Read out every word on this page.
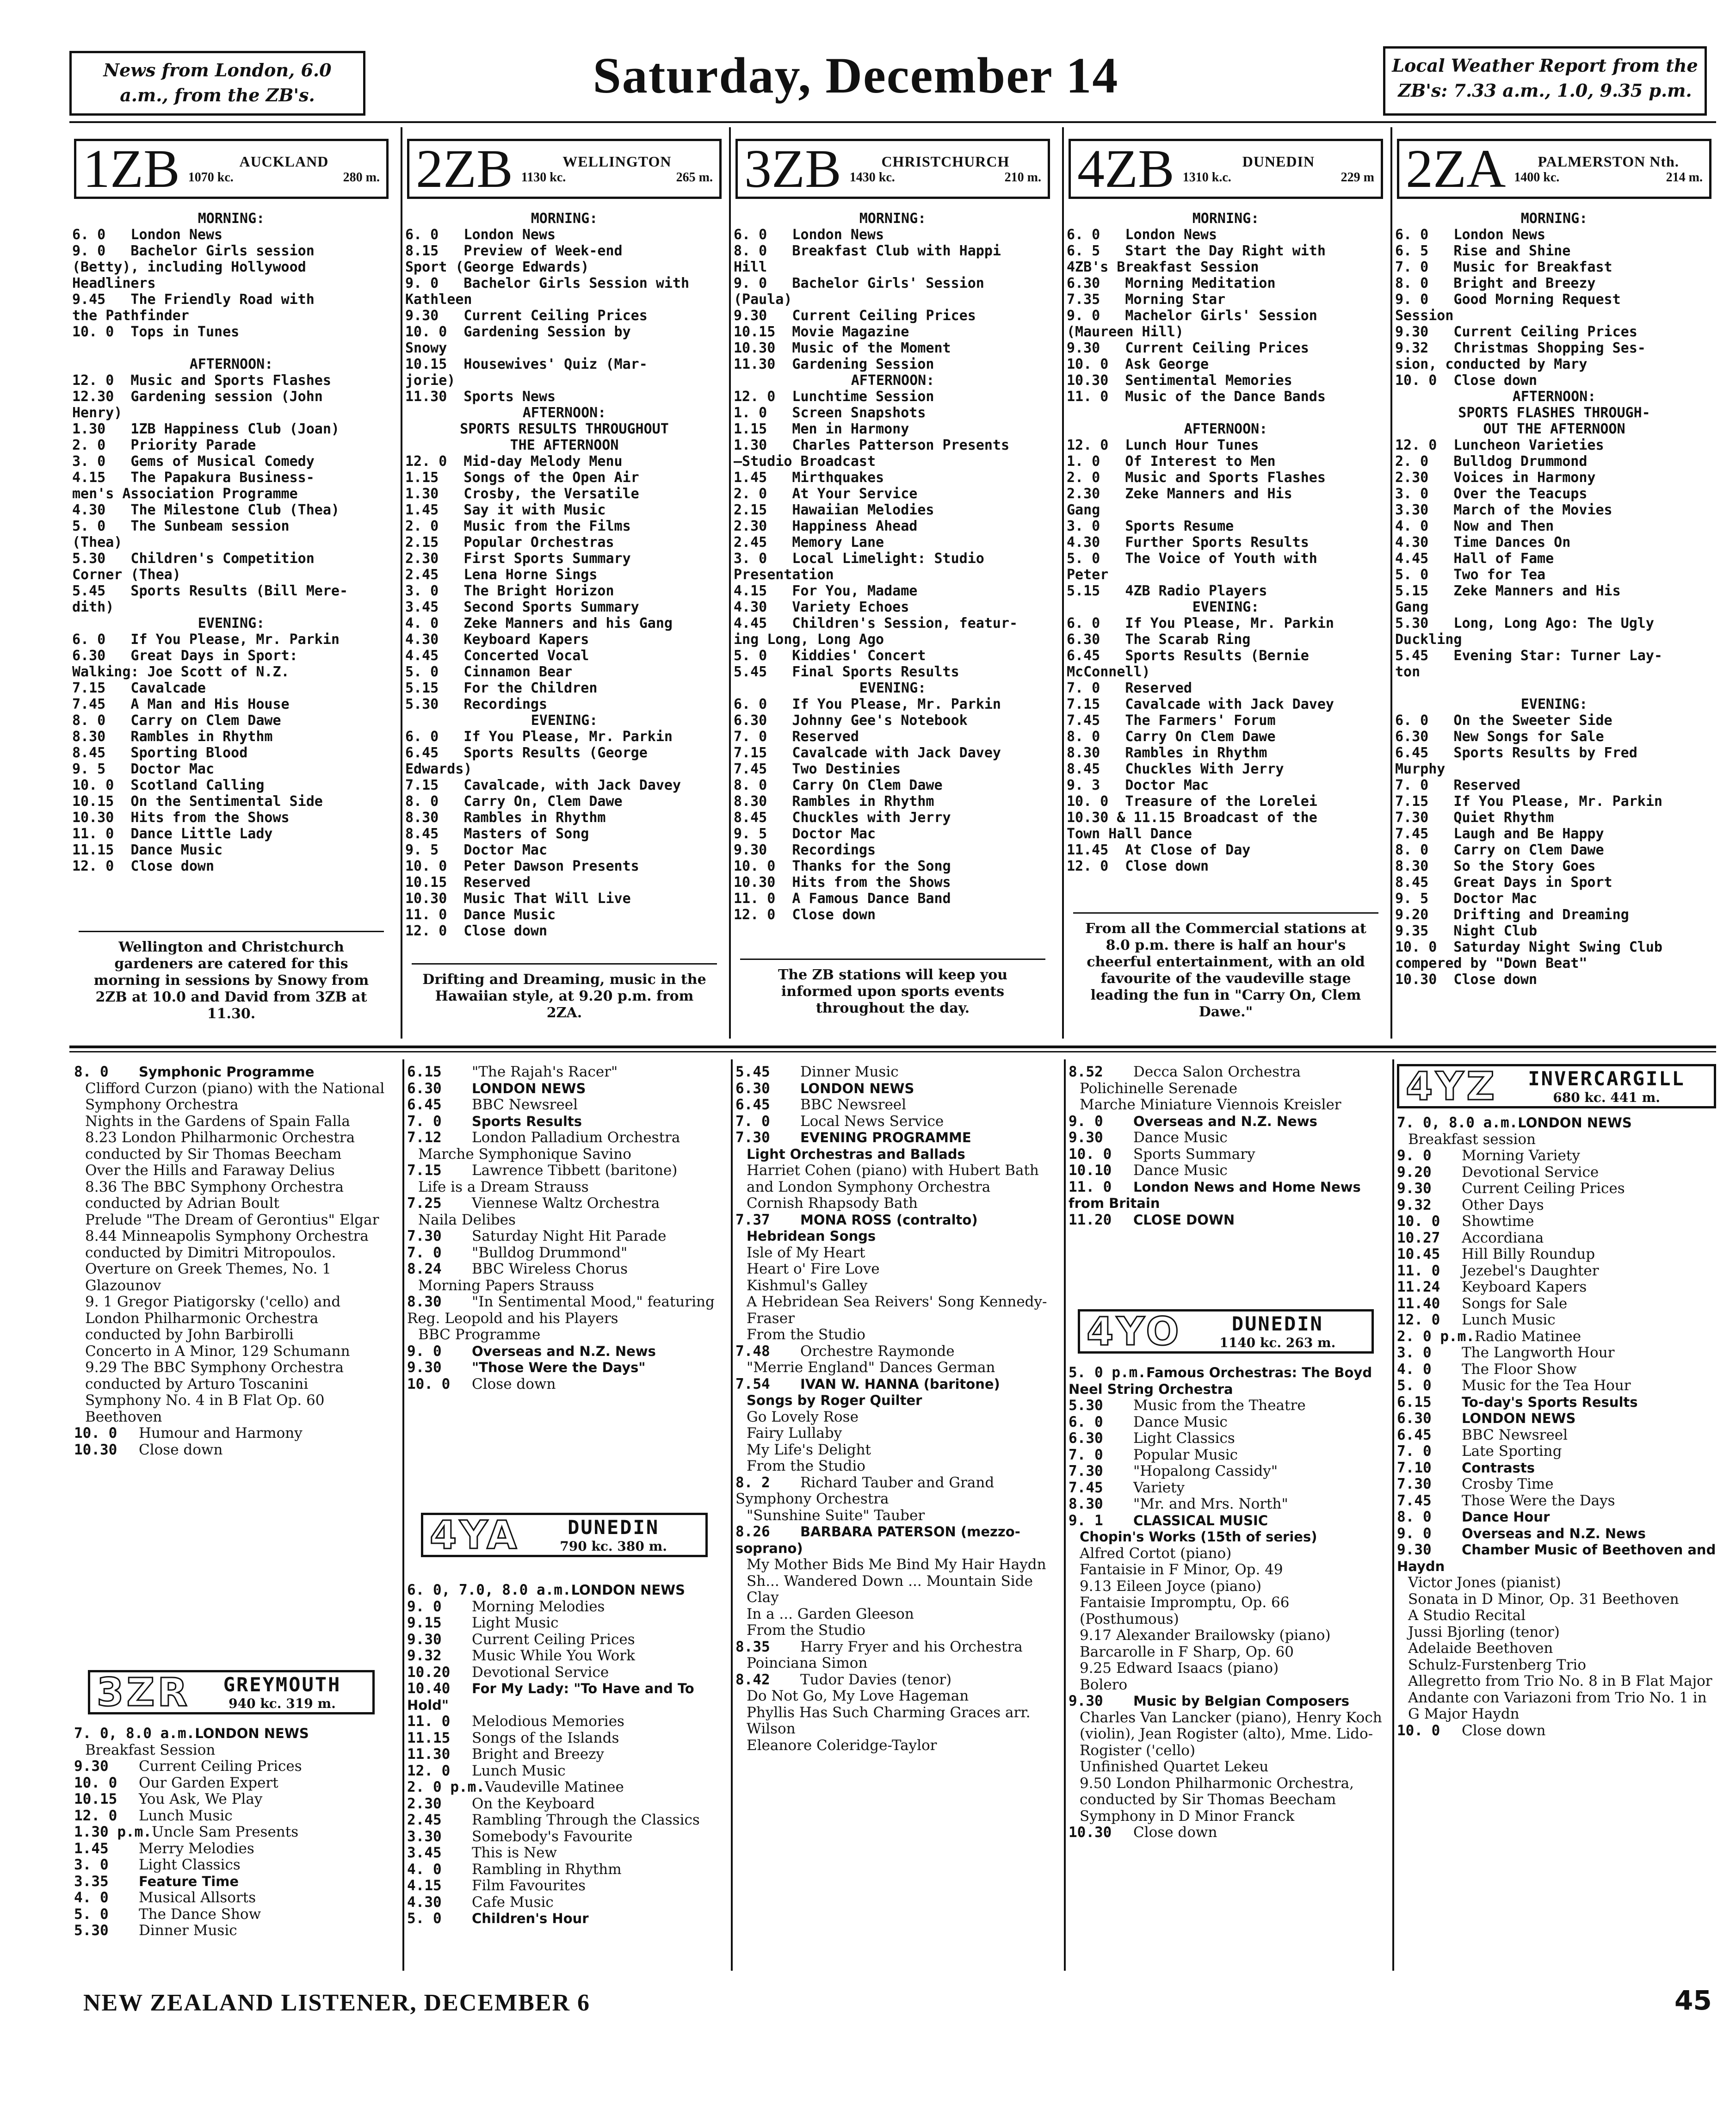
News from London, 6.0 a.m., from the ZB's.	Saturday, December 14	Local Weather Report from the ZB's: 7.33 a.m., 1.0, 9.35 p.m.
1ZB	AUCKLAND
1070 kc.	280 m.
MORNING:
6. 0   London News
9. 0   Bachelor Girls session
(Betty), including Hollywood
Headliners
9.45   The Friendly Road with
the Pathfinder
10. 0  Tops in Tunes

AFTERNOON:
12. 0  Music and Sports Flashes
12.30  Gardening session (John
Henry)
1.30   1ZB Happiness Club (Joan)
2. 0   Priority Parade
3. 0   Gems of Musical Comedy
4.15   The Papakura Business-
men's Association Programme
4.30   The Milestone Club (Thea)
5. 0   The Sunbeam session
(Thea)
5.30   Children's Competition
Corner (Thea)
5.45   Sports Results (Bill Mere-
dith)
EVENING:
6. 0   If You Please, Mr. Parkin
6.30   Great Days in Sport:
Walking: Joe Scott of N.Z.
7.15   Cavalcade
7.45   A Man and His House
8. 0   Carry on Clem Dawe
8.30   Rambles in Rhythm
8.45   Sporting Blood
9. 5   Doctor Mac
10. 0  Scotland Calling
10.15  On the Sentimental Side
10.30  Hits from the Shows
11. 0  Dance Little Lady
11.15  Dance Music
12. 0  Close down
Wellington and Christchurch gardeners are catered for this morning in sessions by Snowy from 2ZB at 10.0 and David from 3ZB at 11.30.
2ZB	WELLINGTON
1130 kc.	265 m.
MORNING:
6. 0   London News
8.15   Preview of Week-end
Sport (George Edwards)
9. 0   Bachelor Girls Session with
Kathleen
9.30   Current Ceiling Prices
10. 0  Gardening Session by
Snowy
10.15  Housewives' Quiz (Mar-
jorie)
11.30  Sports News
AFTERNOON:
SPORTS RESULTS THROUGHOUT
THE AFTERNOON
12. 0  Mid-day Melody Menu
1.15   Songs of the Open Air
1.30   Crosby, the Versatile
1.45   Say it with Music
2. 0   Music from the Films
2.15   Popular Orchestras
2.30   First Sports Summary
2.45   Lena Horne Sings
3. 0   The Bright Horizon
3.45   Second Sports Summary
4. 0   Zeke Manners and his Gang
4.30   Keyboard Kapers
4.45   Concerted Vocal
5. 0   Cinnamon Bear
5.15   For the Children
5.30   Recordings
EVENING:
6. 0   If You Please, Mr. Parkin
6.45   Sports Results (George
Edwards)
7.15   Cavalcade, with Jack Davey
8. 0   Carry On, Clem Dawe
8.30   Rambles in Rhythm
8.45   Masters of Song
9. 5   Doctor Mac
10. 0  Peter Dawson Presents
10.15  Reserved
10.30  Music That Will Live
11. 0  Dance Music
12. 0  Close down
Drifting and Dreaming, music in the Hawaiian style, at 9.20 p.m. from 2ZA.
3ZB	CHRISTCHURCH
1430 kc.	210 m.
MORNING:
6. 0   London News
8. 0   Breakfast Club with Happi
Hill
9. 0   Bachelor Girls' Session
(Paula)
9.30   Current Ceiling Prices
10.15  Movie Magazine
10.30  Music of the Moment
11.30  Gardening Session
AFTERNOON:
12. 0  Lunchtime Session
1. 0   Screen Snapshots
1.15   Men in Harmony
1.30   Charles Patterson Presents
—Studio Broadcast
1.45   Mirthquakes
2. 0   At Your Service
2.15   Hawaiian Melodies
2.30   Happiness Ahead
2.45   Memory Lane
3. 0   Local Limelight: Studio
Presentation
4.15   For You, Madame
4.30   Variety Echoes
4.45   Children's Session, featur-
ing Long, Long Ago
5. 0   Kiddies' Concert
5.45   Final Sports Results
EVENING:
6. 0   If You Please, Mr. Parkin
6.30   Johnny Gee's Notebook
7. 0   Reserved
7.15   Cavalcade with Jack Davey
7.45   Two Destinies
8. 0   Carry On Clem Dawe
8.30   Rambles in Rhythm
8.45   Chuckles with Jerry
9. 5   Doctor Mac
9.30   Recordings
10. 0  Thanks for the Song
10.30  Hits from the Shows
11. 0  A Famous Dance Band
12. 0  Close down
The ZB stations will keep you informed upon sports events throughout the day.
4ZB	DUNEDIN
1310 k.c.	229 m
MORNING:
6. 0   London News
6. 5   Start the Day Right with
4ZB's Breakfast Session
6.30   Morning Meditation
7.35   Morning Star
9. 0   Machelor Girls' Session
(Maureen Hill)
9.30   Current Ceiling Prices
10. 0  Ask George
10.30  Sentimental Memories
11. 0  Music of the Dance Bands

AFTERNOON:
12. 0  Lunch Hour Tunes
1. 0   Of Interest to Men
2. 0   Music and Sports Flashes
2.30   Zeke Manners and His
Gang
3. 0   Sports Resume
4.30   Further Sports Results
5. 0   The Voice of Youth with
Peter
5.15   4ZB Radio Players
EVENING:
6. 0   If You Please, Mr. Parkin
6.30   The Scarab Ring
6.45   Sports Results (Bernie
McConnell)
7. 0   Reserved
7.15   Cavalcade with Jack Davey
7.45   The Farmers' Forum
8. 0   Carry On Clem Dawe
8.30   Rambles in Rhythm
8.45   Chuckles With Jerry
9. 3   Doctor Mac
10. 0  Treasure of the Lorelei
10.30 & 11.15 Broadcast of the
Town Hall Dance
11.45  At Close of Day
12. 0  Close down
From all the Commercial stations at 8.0 p.m. there is half an hour's cheerful entertainment, with an old favourite of the vaudeville stage leading the fun in "Carry On, Clem Dawe."
2ZA	PALMERSTON Nth.
1400 kc.	214 m.
MORNING:
6. 0   London News
6. 5   Rise and Shine
7. 0   Music for Breakfast
8. 0   Bright and Breezy
9. 0   Good Morning Request
Session
9.30   Current Ceiling Prices
9.32   Christmas Shopping Ses-
sion, conducted by Mary
10. 0  Close down
AFTERNOON:
SPORTS FLASHES THROUGH-
OUT THE AFTERNOON
12. 0  Luncheon Varieties
2. 0   Bulldog Drummond
2.30   Voices in Harmony
3. 0   Over the Teacups
3.30   March of the Movies
4. 0   Now and Then
4.30   Time Dances On
4.45   Hall of Fame
5. 0   Two for Tea
5.15   Zeke Manners and His
Gang
5.30   Long, Long Ago: The Ugly
Duckling
5.45   Evening Star: Turner Lay-
ton

EVENING:
6. 0   On the Sweeter Side
6.30   New Songs for Sale
6.45   Sports Results by Fred
Murphy
7. 0   Reserved
7.15   If You Please, Mr. Parkin
7.30   Quiet Rhythm
7.45   Laugh and Be Happy
8. 0   Carry on Clem Dawe
8.30   So the Story Goes
8.45   Great Days in Sport
9. 5   Doctor Mac
9.20   Drifting and Dreaming
9.35   Night Club
10. 0  Saturday Night Swing Club
compered by "Down Beat"
10.30  Close down
8. 0Symphonic Programme
Clifford Curzon (piano) with the National Symphony Orchestra
Nights in the Gardens of Spain Falla
8.23 London Philharmonic Orchestra conducted by Sir Thomas Beecham
Over the Hills and Faraway Delius
8.36 The BBC Symphony Orchestra conducted by Adrian Boult
Prelude "The Dream of Gerontius" Elgar
8.44 Minneapolis Symphony Orchestra conducted by Dimitri Mitropoulos.
Overture on Greek Themes, No. 1 Glazounov
9. 1 Gregor Piatigorsky ('cello) and London Philharmonic Orchestra conducted by John Barbirolli
Concerto in A Minor, 129 Schumann
9.29 The BBC Symphony Orchestra conducted by Arturo Toscanini
Symphony No. 4 in B Flat Op. 60 Beethoven
10. 0Humour and Harmony
10.30Close down
3ZR	GREYMOUTH
940 kc. 319 m.
7. 0, 8.0 a.m.LONDON NEWS
Breakfast Session
9.30Current Ceiling Prices
10. 0Our Garden Expert
10.15You Ask, We Play
12. 0Lunch Music
1.30 p.m.Uncle Sam Presents
1.45Merry Melodies
3. 0Light Classics
3.35Feature Time
4. 0Musical Allsorts
5. 0The Dance Show
5.30Dinner Music
6.15"The Rajah's Racer"
6.30LONDON NEWS
6.45BBC Newsreel
7. 0Sports Results
7.12London Palladium Orchestra
Marche Symphonique Savino
7.15Lawrence Tibbett (baritone)
Life is a Dream Strauss
7.25Viennese Waltz Orchestra
Naila Delibes
7.30Saturday Night Hit Parade
7. 0"Bulldog Drummond"
8.24BBC Wireless Chorus
Morning Papers Strauss
8.30"In Sentimental Mood," featuring Reg. Leopold and his Players
BBC Programme
9. 0Overseas and N.Z. News
9.30"Those Were the Days"
10. 0Close down
4YA	DUNEDIN
790 kc. 380 m.
6. 0, 7.0, 8.0 a.m.LONDON NEWS
9. 0Morning Melodies
9.15Light Music
9.30Current Ceiling Prices
9.32Music While You Work
10.20Devotional Service
10.40For My Lady: "To Have and To Hold"
11. 0Melodious Memories
11.15Songs of the Islands
11.30Bright and Breezy
12. 0Lunch Music
2. 0 p.m.Vaudeville Matinee
2.30On the Keyboard
2.45Rambling Through the Classics
3.30Somebody's Favourite
3.45This is New
4. 0Rambling in Rhythm
4.15Film Favourites
4.30Cafe Music
5. 0Children's Hour
5.45Dinner Music
6.30LONDON NEWS
6.45BBC Newsreel
7. 0Local News Service
7.30EVENING PROGRAMME
Light Orchestras and Ballads
Harriet Cohen (piano) with Hubert Bath and London Symphony Orchestra
Cornish Rhapsody Bath
7.37MONA ROSS (contralto)
Hebridean Songs
Isle of My Heart
Heart o' Fire Love
Kishmul's Galley
A Hebridean Sea Reivers' Song Kennedy-Fraser
From the Studio
7.48Orchestre Raymonde
"Merrie England" Dances German
7.54IVAN W. HANNA (baritone)
Songs by Roger Quilter
Go Lovely Rose
Fairy Lullaby
My Life's Delight
From the Studio
8. 2Richard Tauber and Grand Symphony Orchestra
"Sunshine Suite" Tauber
8.26BARBARA PATERSON (mezzo-soprano)
My Mother Bids Me Bind My Hair Haydn
Sh... Wandered Down ... Mountain Side Clay
In a ... Garden Gleeson
From the Studio
8.35Harry Fryer and his Orchestra
Poinciana Simon
8.42Tudor Davies (tenor)
Do Not Go, My Love Hageman
Phyllis Has Such Charming Graces arr. Wilson
Eleanore Coleridge-Taylor
8.52Decca Salon Orchestra
Polichinelle Serenade
Marche Miniature Viennois Kreisler
9. 0Overseas and N.Z. News
9.30Dance Music
10. 0Sports Summary
10.10Dance Music
11. 0London News and Home News from Britain
11.20CLOSE DOWN
4YO	DUNEDIN
1140 kc. 263 m.
5. 0 p.m.Famous Orchestras: The Boyd Neel String Orchestra
5.30Music from the Theatre
6. 0Dance Music
6.30Light Classics
7. 0Popular Music
7.30"Hopalong Cassidy"
7.45Variety
8.30"Mr. and Mrs. North"
9. 1CLASSICAL MUSIC
Chopin's Works (15th of series)
Alfred Cortot (piano)
Fantaisie in F Minor, Op. 49
9.13 Eileen Joyce (piano)
Fantaisie Impromptu, Op. 66 (Posthumous)
9.17 Alexander Brailowsky (piano)
Barcarolle in F Sharp, Op. 60
9.25 Edward Isaacs (piano)
Bolero
9.30Music by Belgian Composers
Charles Van Lancker (piano), Henry Koch (violin), Jean Rogister (alto), Mme. Lido-Rogister ('cello)
Unfinished Quartet Lekeu
9.50 London Philharmonic Orchestra, conducted by Sir Thomas Beecham
Symphony in D Minor Franck
10.30Close down
4YZ	INVERCARGILL
680 kc. 441 m.
7. 0, 8.0 a.m.LONDON NEWS
Breakfast session
9. 0Morning Variety
9.20Devotional Service
9.30Current Ceiling Prices
9.32Other Days
10. 0Showtime
10.27Accordiana
10.45Hill Billy Roundup
11. 0Jezebel's Daughter
11.24Keyboard Kapers
11.40Songs for Sale
12. 0Lunch Music
2. 0 p.m.Radio Matinee
3. 0The Langworth Hour
4. 0The Floor Show
5. 0Music for the Tea Hour
6.15To-day's Sports Results
6.30LONDON NEWS
6.45BBC Newsreel
7. 0Late Sporting
7.10Contrasts
7.30Crosby Time
7.45Those Were the Days
8. 0Dance Hour
9. 0Overseas and N.Z. News
9.30Chamber Music of Beethoven and Haydn
Victor Jones (pianist)
Sonata in D Minor, Op. 31 Beethoven
A Studio Recital
Jussi Bjorling (tenor)
Adelaide Beethoven
Schulz-Furstenberg Trio
Allegretto from Trio No. 8 in B Flat Major
Andante con Variazoni from Trio No. 1 in G Major Haydn
10. 0Close down
NEW ZEALAND LISTENER, DECEMBER 6	45
